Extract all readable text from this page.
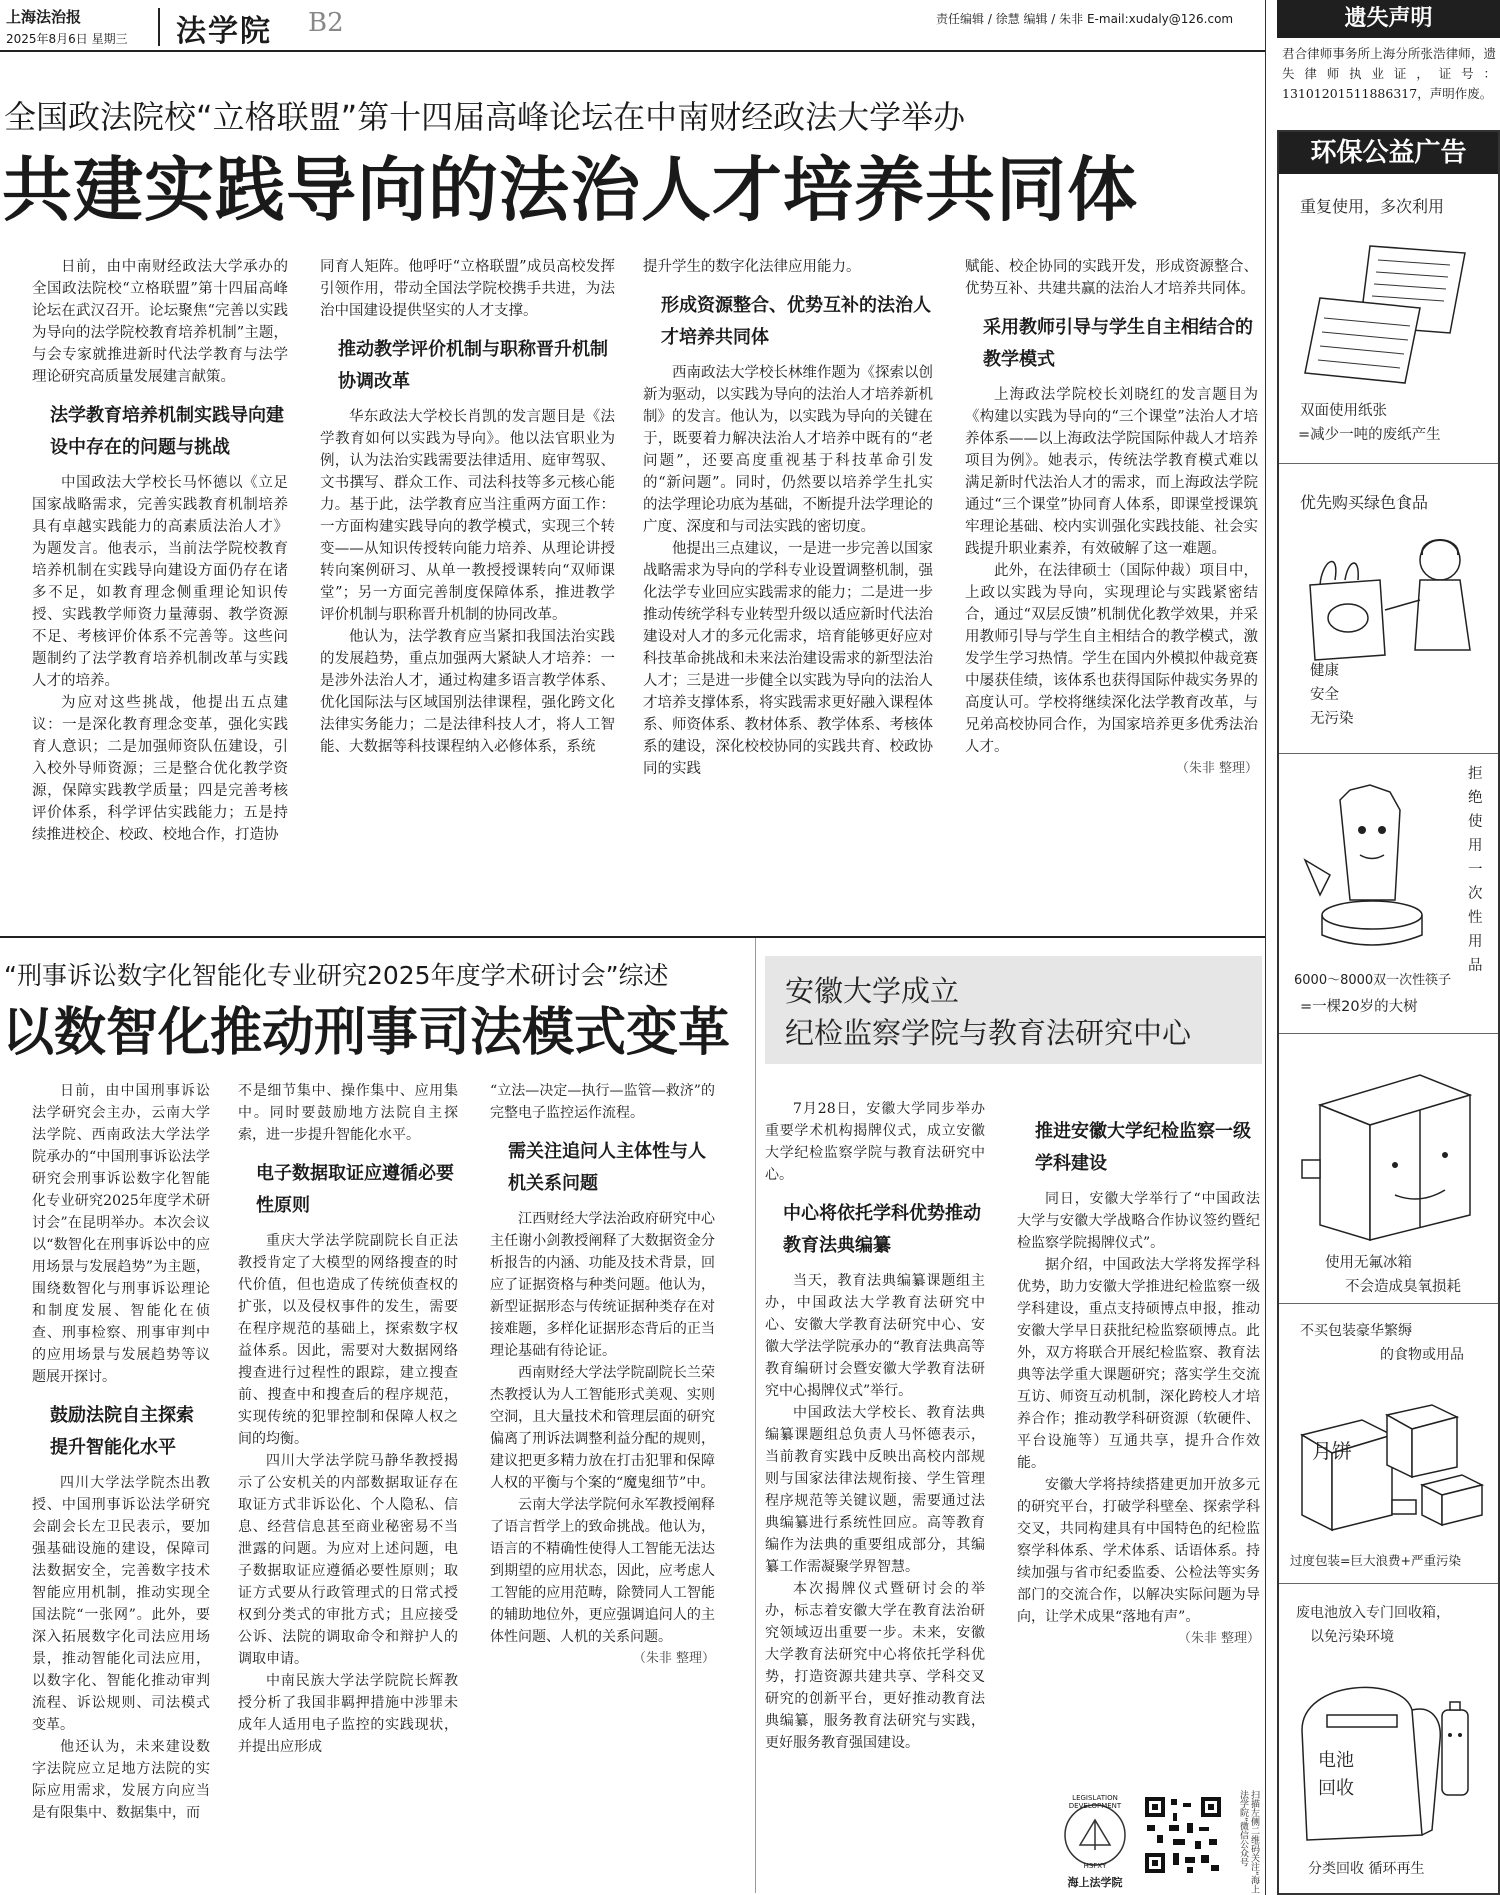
上海法治报
2025年8月6日 星期三 法学院 B2	责任编辑 / 徐慧 编辑 / 朱非 E-mail:xudaly@126.com
全国政法院校“立格联盟”第十四届高峰论坛在中南财经政法大学举办
共建实践导向的法治人才培养共同体

日前，由中南财经政法大学承办的全国政法院校“立格联盟”第十四届高峰论坛在武汉召开。论坛聚焦“完善以实践为导向的法学院校教育培养机制”主题，与会专家就推进新时代法学教育与法学理论研究高质量发展建言献策。

法学教育培养机制实践导向建设中存在的问题与挑战

中国政法大学校长马怀德以《立足国家战略需求，完善实践教育机制培养具有卓越实践能力的高素质法治人才》为题发言。他表示，当前法学院校教育培养机制在实践导向建设方面仍存在诸多不足，如教育理念侧重理论知识传授、实践教学师资力量薄弱、教学资源不足、考核评价体系不完善等。这些问题制约了法学教育培养机制改革与实践人才的培养。

为应对这些挑战，他提出五点建议：一是深化教育理念变革，强化实践育人意识；二是加强师资队伍建设，引入校外导师资源；三是整合优化教学资源，保障实践教学质量；四是完善考核评价体系，科学评估实践能力；五是持续推进校企、校政、校地合作，打造协

同育人矩阵。他呼吁“立格联盟”成员高校发挥引领作用，带动全国法学院校携手共进，为法治中国建设提供坚实的人才支撑。

推动教学评价机制与职称晋升机制协调改革

华东政法大学校长肖凯的发言题目是《法学教育如何以实践为导向》。他以法官职业为例，认为法治实践需要法律适用、庭审驾驭、文书撰写、群众工作、司法科技等多元核心能力。基于此，法学教育应当注重两方面工作：一方面构建实践导向的教学模式，实现三个转变——从知识传授转向能力培养、从理论讲授转向案例研习、从单一教授授课转向“双师课堂”；另一方面完善制度保障体系，推进教学评价机制与职称晋升机制的协同改革。

他认为，法学教育应当紧扣我国法治实践的发展趋势，重点加强两大紧缺人才培养：一是涉外法治人才，通过构建多语言教学体系、优化国际法与区域国别法律课程，强化跨文化法律实务能力；二是法律科技人才，将人工智能、大数据等科技课程纳入必修体系，系统

提升学生的数字化法律应用能力。

形成资源整合、优势互补的法治人才培养共同体

西南政法大学校长林维作题为《探索以创新为驱动，以实践为导向的法治人才培养新机制》的发言。他认为，以实践为导向的关键在于，既要着力解决法治人才培养中既有的“老问题”，还要高度重视基于科技革命引发的“新问题”。同时，仍然要以培养学生扎实的法学理论功底为基础，不断提升法学理论的广度、深度和与司法实践的密切度。

他提出三点建议，一是进一步完善以国家战略需求为导向的学科专业设置调整机制，强化法学专业回应实践需求的能力；二是进一步推动传统学科专业转型升级以适应新时代法治建设对人才的多元化需求，培育能够更好应对科技革命挑战和未来法治建设需求的新型法治人才；三是进一步健全以实践为导向的法治人才培养支撑体系，将实践需求更好融入课程体系、师资体系、教材体系、教学体系、考核体系的建设，深化校校协同的实践共育、校政协同的实践

赋能、校企协同的实践开发，形成资源整合、优势互补、共建共赢的法治人才培养共同体。

采用教师引导与学生自主相结合的教学模式

上海政法学院校长刘晓红的发言题目为《构建以实践为导向的“三个课堂”法治人才培养体系——以上海政法学院国际仲裁人才培养项目为例》。她表示，传统法学教育模式难以满足新时代法治人才的需求，而上海政法学院通过“三个课堂”协同育人体系，即课堂授课筑牢理论基础、校内实训强化实践技能、社会实践提升职业素养，有效破解了这一难题。

此外，在法律硕士（国际仲裁）项目中，上政以实践为导向，实现理论与实践紧密结合，通过“双层反馈”机制优化教学效果，并采用教师引导与学生自主相结合的教学模式，激发学生学习热情。学生在国内外模拟仲裁竞赛中屡获佳绩，该体系也获得国际仲裁实务界的高度认可。学校将继续深化法学教育改革，与兄弟高校协同合作，为国家培养更多优秀法治人才。

（朱非 整理）
“刑事诉讼数字化智能化专业研究2025年度学术研讨会”综述
以数智化推动刑事司法模式变革

日前，由中国刑事诉讼法学研究会主办，云南大学法学院、西南政法大学法学院承办的“中国刑事诉讼法学研究会刑事诉讼数字化智能化专业研究2025年度学术研讨会”在昆明举办。本次会议以“数智化在刑事诉讼中的应用场景与发展趋势”为主题，围绕数智化与刑事诉讼理论和制度发展、智能化在侦查、刑事检察、刑事审判中的应用场景与发展趋势等议题展开探讨。

鼓励法院自主探索提升智能化水平

四川大学法学院杰出教授、中国刑事诉讼法学研究会副会长左卫民表示，要加强基础设施的建设，保障司法数据安全，完善数字技术智能应用机制，推动实现全国法院“一张网”。此外，要深入拓展数字化司法应用场景，推动智能化司法应用，以数字化、智能化推动审判流程、诉讼规则、司法模式变革。

他还认为，未来建设数字法院应立足地方法院的实际应用需求，发展方向应当是有限集中、数据集中，而

不是细节集中、操作集中、应用集中。同时要鼓励地方法院自主探索，进一步提升智能化水平。

电子数据取证应遵循必要性原则

重庆大学法学院副院长自正法教授肯定了大模型的网络搜查的时代价值，但也造成了传统侦查权的扩张，以及侵权事件的发生，需要在程序规范的基础上，探索数字权益体系。因此，需要对大数据网络搜查进行过程性的跟踪，建立搜查前、搜查中和搜查后的程序规范，实现传统的犯罪控制和保障人权之间的均衡。

四川大学法学院马静华教授揭示了公安机关的内部数据取证存在取证方式非诉讼化、个人隐私、信息、经营信息甚至商业秘密易不当泄露的问题。为应对上述问题，电子数据取证应遵循必要性原则；取证方式要从行政管理式的日常式授权到分类式的审批方式；且应接受公诉、法院的调取命令和辩护人的调取申请。

中南民族大学法学院院长辉教授分析了我国非羁押措施中涉罪未成年人适用电子监控的实践现状，并提出应形成

“立法—决定—执行—监管—救济”的完整电子监控运作流程。

需关注追问人主体性与人机关系问题

江西财经大学法治政府研究中心主任谢小剑教授阐释了大数据资金分析报告的内涵、功能及技术背景，回应了证据资格与种类问题。他认为，新型证据形态与传统证据种类存在对接难题，多样化证据形态背后的正当理论基础有待论证。

西南财经大学法学院副院长兰荣杰教授认为人工智能形式美观、实则空洞，且大量技术和管理层面的研究偏离了刑诉法调整利益分配的规则，建议把更多精力放在打击犯罪和保障人权的平衡与个案的“魔鬼细节”中。

云南大学法学院何永军教授阐释了语言哲学上的致命挑战。他认为，语言的不精确性使得人工智能无法达到期望的应用状态，因此，应考虑人工智能的应用范畴，除赞同人工智能的辅助地位外，更应强调追问人的主体性问题、人机的关系问题。

（朱非 整理）
安徽大学成立
纪检监察学院与教育法研究中心

7月28日，安徽大学同步举办重要学术机构揭牌仪式，成立安徽大学纪检监察学院与教育法研究中心。

中心将依托学科优势推动教育法典编纂

当天，教育法典编纂课题组主办，中国政法大学教育法研究中心、安徽大学教育法研究中心、安徽大学法学院承办的“教育法典高等教育编研讨会暨安徽大学教育法研究中心揭牌仪式”举行。

中国政法大学校长、教育法典编纂课题组总负责人马怀德表示，当前教育实践中反映出高校内部规则与国家法律法规衔接、学生管理程序规范等关键议题，需要通过法典编纂进行系统性回应。高等教育编作为法典的重要组成部分，其编纂工作需凝聚学界智慧。

本次揭牌仪式暨研讨会的举办，标志着安徽大学在教育法治研究领域迈出重要一步。未来，安徽大学教育法研究中心将依托学科优势，打造资源共建共享、学科交叉研究的创新平台，更好推动教育法典编纂，服务教育法研究与实践，更好服务教育强国建设。

推进安徽大学纪检监察一级学科建设

同日，安徽大学举行了“中国政法大学与安徽大学战略合作协议签约暨纪检监察学院揭牌仪式”。

据介绍，中国政法大学将发挥学科优势，助力安徽大学推进纪检监察一级学科建设，重点支持硕博点申报，推动安徽大学早日获批纪检监察硕博点。此外，双方将联合开展纪检监察、教育法典等法学重大课题研究；落实学生交流互访、师资互动机制，深化跨校人才培养合作；推动教学科研资源（软硬件、平台设施等）互通共享，提升合作效能。

安徽大学将持续搭建更加开放多元的研究平台，打破学科壁垒、探索学科交叉，共同构建具有中国特色的纪检监察学科体系、学术体系、话语体系。持续加强与省市纪委监委、公检法等实务部门的交流合作，以解决实际问题为导向，让学术成果“落地有声”。

（朱非 整理）
LEGISLATION DEVELOPMENT
HSFXY
海上法学院	扫描左侧二维码关注“海上法学院”微信公众号
遗失声明
君合律师事务所上海分所张浩律师，遗失律师执业证，证号：13101201511886317，声明作废。
环保公益广告
重复使用，多次利用
双面使用纸张
=减少一吨的废纸产生
优先购买绿色食品
健康
安全
无污染
拒绝使用一次性用品
6000～8000双一次性筷子
=一棵20岁的大树
使用无氟冰箱
不会造成臭氧损耗
不买包装豪华繁缛
的食物或用品
月饼
过度包装=巨大浪费+严重污染
废电池放入专门回收箱，
以免污染环境
电池
回收
分类回收 循环再生
